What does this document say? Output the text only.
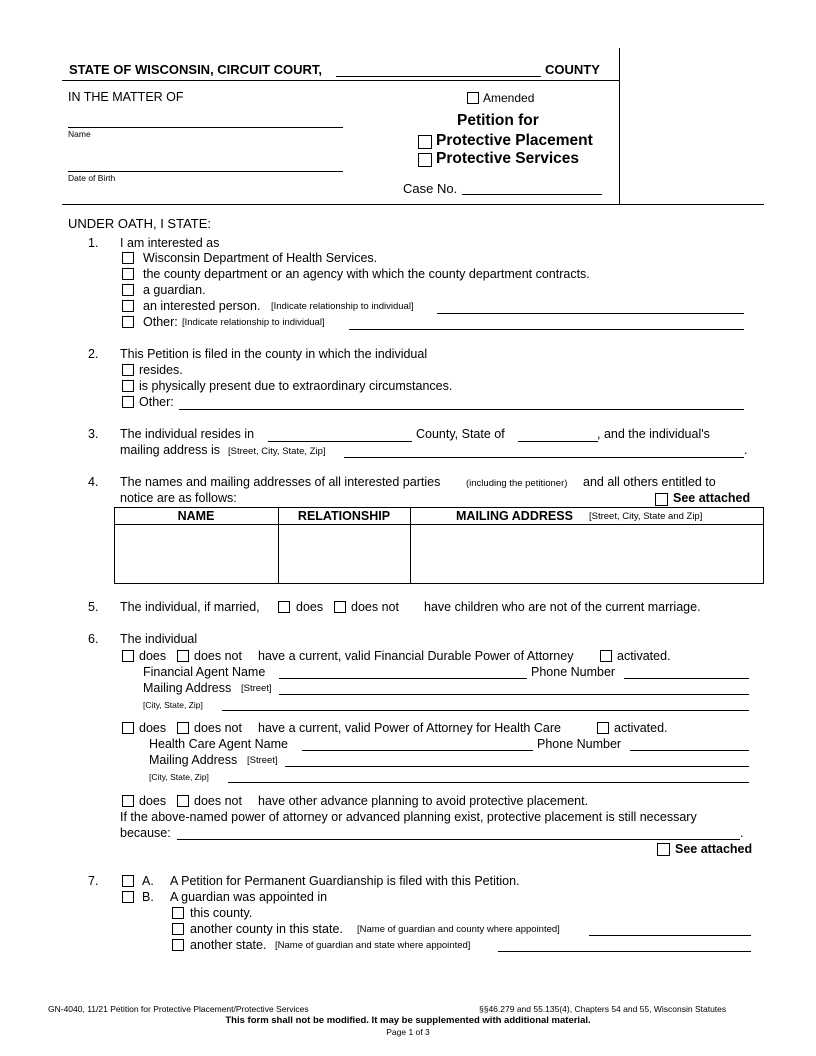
STATE OF WISCONSIN, CIRCUIT COURT,	COUNTY
IN THE MATTER OF
Name
Date of Birth
Amended
Petition for
Protective Placement
Protective Services
Case No.
UNDER OATH, I STATE:
1. I am interested as
Wisconsin Department of Health Services.
the county department or an agency with which the county department contracts.
a guardian.
an interested person. [Indicate relationship to individual]
Other: [Indicate relationship to individual]
2. This Petition is filed in the county in which the individual
resides.
is physically present due to extraordinary circumstances.
Other:
3. The individual resides in	County, State of	, and the individual's
mailing address is [Street, City, State, Zip]	.
4. The names and mailing addresses of all interested parties	(including the petitioner) and all others entitled to
notice are as follows:	See attached
NAME	RELATIONSHIP	MAILING ADDRESS [Street, City, State and Zip]
5. The individual, if married,	does does not have children who are not of the current marriage.
6. The individual
does does not have a current, valid Financial Durable Power of Attorney	activated.
Financial Agent Name	Phone Number
Mailing Address [Street]
[City, State, Zip]
does does not have a current, valid Power of Attorney for Health Care	activated.
Health Care Agent Name	Phone Number
Mailing Address [Street]
[City, State, Zip]
does does not have other advance planning to avoid protective placement.
If the above-named power of attorney or advanced planning exist, protective placement is still necessary
because:	.
See attached
7.	A. A Petition for Permanent Guardianship is filed with this Petition.
B. A guardian was appointed in
this county.
another county in this state. [Name of guardian and county where appointed]
another state. [Name of guardian and state where appointed]
GN-4040, 11/21 Petition for Protective Placement/Protective Services	§§46.279 and 55.135(4), Chapters 54 and 55, Wisconsin Statutes
This form shall not be modified. It may be supplemented with additional material.
Page 1 of 3
